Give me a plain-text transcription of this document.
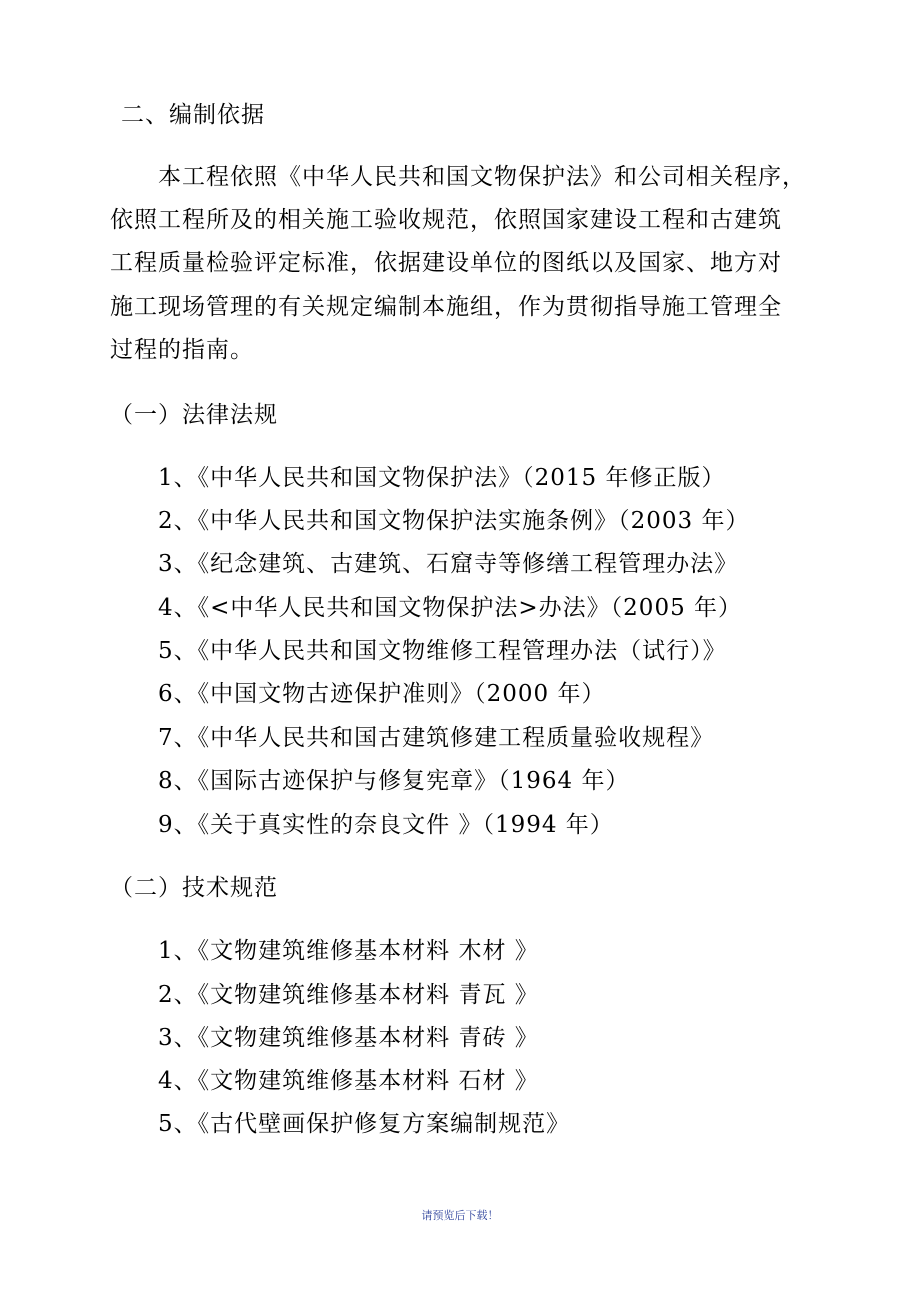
二、编制依据
本工程依照《中华人民共和国文物保护法》和公司相关程序，
依照工程所及的相关施工验收规范，依照国家建设工程和古建筑
工程质量检验评定标准，依据建设单位的图纸以及国家、地方对
施工现场管理的有关规定编制本施组，作为贯彻指导施工管理全
过程的指南。
（一）法律法规
1、《中华人民共和国文物保护法》（2015 年修正版）
2、《中华人民共和国文物保护法实施条例》（2003 年）
3、《纪念建筑、古建筑、石窟寺等修缮工程管理办法》
4、《<中华人民共和国文物保护法>办法》（2005 年）
5、《中华人民共和国文物维修工程管理办法（试行）》
6、《中国文物古迹保护准则》（2000 年）
7、《中华人民共和国古建筑修建工程质量验收规程》
8、《国际古迹保护与修复宪章》（1964 年）
9、《关于真实性的奈良文件 》（1994 年）
（二）技术规范
1、《文物建筑维修基本材料 木材 》
2、《文物建筑维修基本材料 青瓦 》
3、《文物建筑维修基本材料 青砖 》
4、《文物建筑维修基本材料 石材 》
5、《古代壁画保护修复方案编制规范》
请预览后下载！
